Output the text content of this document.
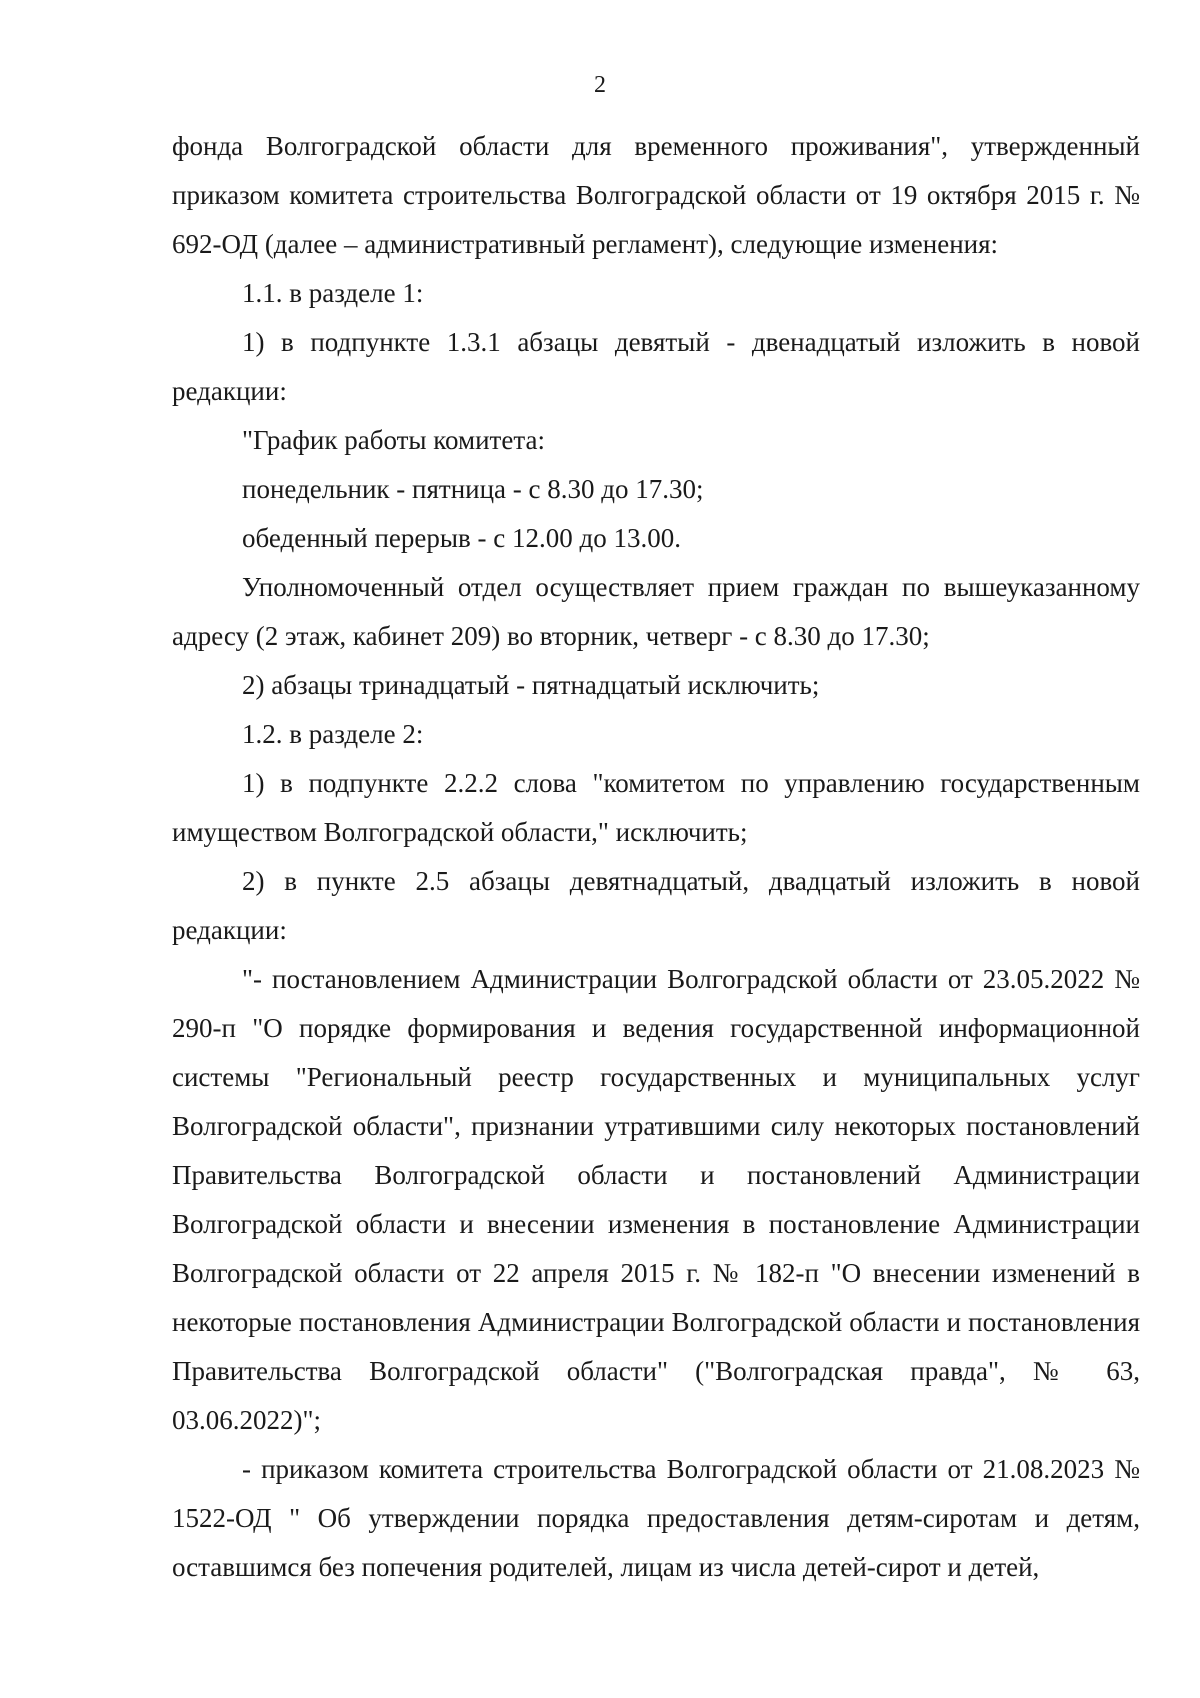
2

фонда Волгоградской области для временного проживания", утвержденный приказом комитета строительства Волгоградской области от 19 октября 2015 г. № 692-ОД (далее – административный регламент), следующие изменения:

1.1. в разделе 1:

1) в подпункте 1.3.1 абзацы девятый - двенадцатый изложить в новой редакции:

"График работы комитета:

понедельник - пятница - с 8.30 до 17.30;

обеденный перерыв - с 12.00 до 13.00.

Уполномоченный отдел осуществляет прием граждан по вышеуказанному адресу (2 этаж, кабинет 209) во вторник, четверг - с 8.30 до 17.30;

2) абзацы тринадцатый - пятнадцатый исключить;

1.2. в разделе 2:

1) в подпункте 2.2.2 слова "комитетом по управлению государственным имуществом Волгоградской области," исключить;

2) в пункте 2.5 абзацы девятнадцатый, двадцатый изложить в новой редакции:

"- постановлением Администрации Волгоградской области от 23.05.2022 № 290-п "О порядке формирования и ведения государственной информационной системы "Региональный реестр государственных и муниципальных услуг Волгоградской области", признании утратившими силу некоторых постановлений Правительства Волгоградской области и постановлений Администрации Волгоградской области и внесении изменения в постановление Администрации Волгоградской области от 22 апреля 2015 г. № 182-п "О внесении изменений в некоторые постановления Администрации Волгоградской области и постановления Правительства Волгоградской области" ("Волгоградская правда", № 63, 03.06.2022)";

- приказом комитета строительства Волгоградской области от 21.08.2023 № 1522-ОД " Об утверждении порядка предоставления детям-сиротам и детям, оставшимся без попечения родителей, лицам из числа детей-сирот и детей,
